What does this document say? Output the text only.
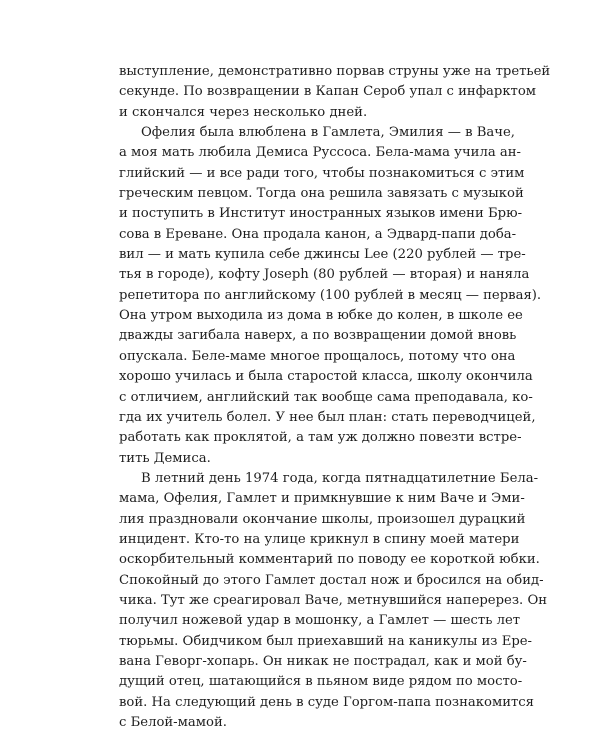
выступление, демонстративно порвав струны уже на третьей
секунде. По возвращении в Капан Сероб упал с инфарктом
и скончался через несколько дней.
Офелия была влюблена в Гамлета, Эмилия — в Ваче,
а моя мать любила Демиса Руссоса. Бела-мама учила ан-
глийский — и все ради того, чтобы познакомиться с этим
греческим певцом. Тогда она решила завязать с музыкой
и поступить в Институт иностранных языков имени Брю-
сова в Ереване. Она продала канон, а Эдвард-папи доба-
вил — и мать купила себе джинсы Lee (220 рублей — тре-
тья в городе), кофту Joseph (80 рублей — вторая) и наняла
репетитора по английскому (100 рублей в месяц — первая).
Она утром выходила из дома в юбке до колен, в школе ее
дважды загибала наверх, а по возвращении домой вновь
опускала. Беле-маме многое прощалось, потому что она
хорошо училась и была старостой класса, школу окончила
с отличием, английский так вообще сама преподавала, ко-
гда их учитель болел. У нее был план: стать переводчицей,
работать как проклятой, а там уж должно повезти встре-
тить Демиса.
В летний день 1974 года, когда пятнадцатилетние Бела-
мама, Офелия, Гамлет и примкнувшие к ним Ваче и Эми-
лия праздновали окончание школы, произошел дурацкий
инцидент. Кто-то на улице крикнул в спину моей матери
оскорбительный комментарий по поводу ее короткой юбки.
Спокойный до этого Гамлет достал нож и бросился на обид-
чика. Тут же среагировал Ваче, метнувшийся наперерез. Он
получил ножевой удар в мошонку, а Гамлет — шесть лет
тюрьмы. Обидчиком был приехавший на каникулы из Ере-
вана Геворг-хопарь. Он никак не пострадал, как и мой бу-
дущий отец, шатающийся в пьяном виде рядом по мосто-
вой. На следующий день в суде Горгом-папа познакомится
с Белой-мамой.
